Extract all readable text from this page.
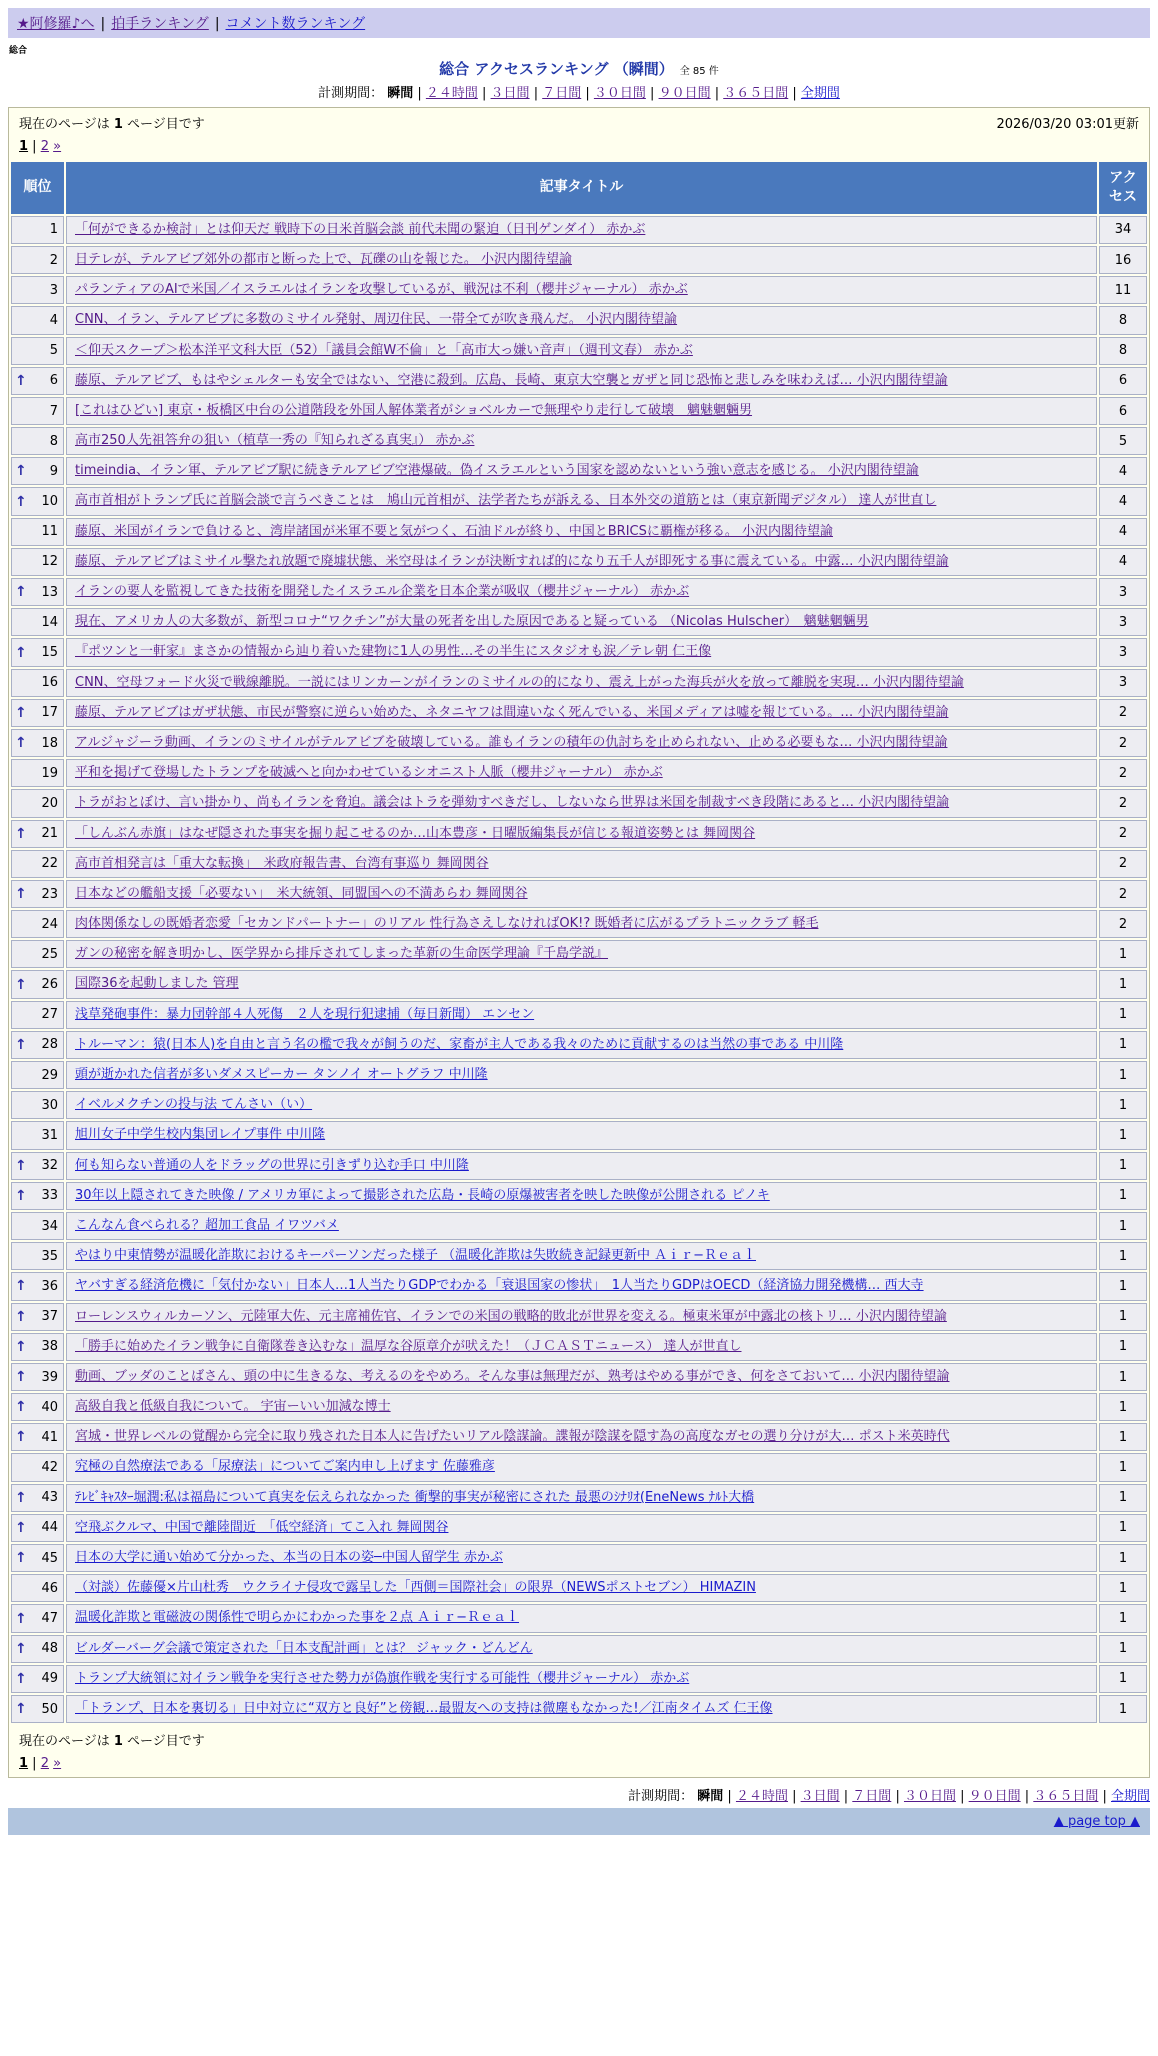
★阿修羅♪へ | 拍手ランキング | コメント数ランキング
総合
総合 アクセスランキング （瞬間） 全 85 件
計測期間： 瞬間 | ２４時間 | ３日間 | ７日間 | ３０日間 | ９０日間 | ３６５日間 | 全期間
現在のページは 1 ページ目です	2026/03/20 03:01更新
1 | 2 »
順位	記事タイトル	アクセス

1	「何ができるか検討」とは仰天だ 戦時下の日米首脳会談 前代未聞の緊迫（日刊ゲンダイ） 赤かぶ	34

2	日テレが、テルアビブ郊外の都市と断った上で、瓦礫の山を報じた。 小沢内閣待望論	16

3	パランティアのAIで米国／イスラエルはイランを攻撃しているが、戦況は不利（櫻井ジャーナル） 赤かぶ	11

4	CNN、イラン、テルアビブに多数のミサイル発射、周辺住民、一帯全てが吹き飛んだ。 小沢内閣待望論	8

5	＜仰天スクープ＞松本洋平文科大臣（52）「議員会館W不倫」と「高市大っ嫌い音声」（週刊文春） 赤かぶ	8

↑ 6	藤原、テルアビブ、もはやシェルターも安全ではない、空港に殺到。広島、長崎、東京大空襲とガザと同じ恐怖と悲しみを味わえば… 小沢内閣待望論	6

7	[これはひどい] 東京・板橋区中台の公道階段を外国人解体業者がショベルカーで無理やり走行して破壊　魑魅魍魎男	6

8	高市250人先祖答弁の狙い（植草一秀の『知られざる真実』） 赤かぶ	5

↑ 9	timeindia、イラン軍、テルアビブ駅に続きテルアビブ空港爆破。偽イスラエルという国家を認めないという強い意志を感じる。 小沢内閣待望論	4

↑ 10	高市首相がトランプ氏に首脳会談で言うべきことは　鳩山元首相が、法学者たちが訴える、日本外交の道筋とは（東京新聞デジタル） 達人が世直し	4

11	藤原、米国がイランで負けると、湾岸諸国が米軍不要と気がつく、石油ドルが終り、中国とBRICSに覇権が移る。 小沢内閣待望論	4

12	藤原、テルアビブはミサイル撃たれ放題で廃墟状態、米空母はイランが決断すれば的になり五千人が即死する事に震えている。中露… 小沢内閣待望論	4

↑ 13	イランの要人を監視してきた技術を開発したイスラエル企業を日本企業が吸収（櫻井ジャーナル） 赤かぶ	3

14	現在、アメリカ人の大多数が、新型コロナ“ワクチン”が大量の死者を出した原因であると疑っている （Nicolas Hulscher）　魑魅魍魎男	3

↑ 15	『ポツンと一軒家』まさかの情報から辿り着いた建物に1人の男性…その半生にスタジオも涙／テレ朝 仁王像	3

16	CNN、空母フォード火災で戦線離脱。一説にはリンカーンがイランのミサイルの的になり、震え上がった海兵が火を放って離脱を実現… 小沢内閣待望論	3

↑ 17	藤原、テルアビブはガザ状態、市民が警察に逆らい始めた、ネタニヤフは間違いなく死んでいる、米国メディアは嘘を報じている。… 小沢内閣待望論	2

↑ 18	アルジャジーラ動画、イランのミサイルがテルアビブを破壊している。誰もイランの積年の仇討ちを止められない、止める必要もな… 小沢内閣待望論	2

19	平和を掲げて登場したトランプを破滅へと向かわせているシオニスト人脈（櫻井ジャーナル） 赤かぶ	2

20	トラがおとぼけ、言い掛かり、尚もイランを脅迫。議会はトラを弾劾すべきだし、しないなら世界は米国を制裁すべき段階にあると… 小沢内閣待望論	2

↑ 21	「しんぶん赤旗」はなぜ隠された事実を掘り起こせるのか…山本豊彦・日曜版編集長が信じる報道姿勢とは 舞岡関谷	2

22	高市首相発言は「重大な転換」　米政府報告書、台湾有事巡り 舞岡関谷	2

↑ 23	日本などの艦船支援「必要ない」　米大統領、同盟国への不満あらわ 舞岡関谷	2

24	肉体関係なしの既婚者恋愛「セカンドパートナー」のリアル 性行為さえしなければOK!? 既婚者に広がるプラトニックラブ 軽毛	2

25	ガンの秘密を解き明かし、医学界から排斥されてしまった革新の生命医学理論『千島学説』	1

↑ 26	国際36を起動しました 管理	1

27	浅草発砲事件：暴力団幹部４人死傷　２人を現行犯逮捕（毎日新聞） エンセン	1

↑ 28	トルーマン：猿(日本人)を自由と言う名の檻で我々が飼うのだ、家畜が主人である我々のために貢献するのは当然の事である 中川隆	1

29	頭が逝かれた信者が多いダメスピーカー タンノイ オートグラフ 中川隆	1

30	イベルメクチンの投与法 てんさい（い）	1

31	旭川女子中学生校内集団レイプ事件 中川隆	1

↑ 32	何も知らない普通の人をドラッグの世界に引きずり込む手口 中川隆	1

↑ 33	30年以上隠されてきた映像 / アメリカ軍によって撮影された広島・長崎の原爆被害者を映した映像が公開される ピノキ	1

34	こんなん食べられる？超加工食品 イワツバメ	1

35	やはり中東情勢が温暖化詐欺におけるキーパーソンだった様子 （温暖化詐欺は失敗続き記録更新中 Ａｉｒ−Ｒｅａｌ	1

↑ 36	ヤバすぎる経済危機に「気付かない」日本人…1人当たりGDPでわかる「衰退国家の惨状」　1人当たりGDPはOECD（経済協力開発機構… 西大寺	1

↑ 37	ローレンスウィルカーソン、元陸軍大佐、元主席補佐官、イランでの米国の戦略的敗北が世界を変える。極東米軍が中露北の核トリ… 小沢内閣待望論	1

↑ 38	「勝手に始めたイラン戦争に自衛隊巻き込むな」温厚な谷原章介が吠えた！（ＪＣＡＳＴニュース） 達人が世直し	1

↑ 39	動画、ブッダのことばさん、頭の中に生きるな、考えるのをやめろ。そんな事は無理だが、熟考はやめる事ができ、何をさておいて… 小沢内閣待望論	1

↑ 40	高級自我と低級自我について。 宇宙ーいい加減な博士	1

↑ 41	宮城・世界レベルの覚醒から完全に取り残された日本人に告げたいリアル陰謀論。諜報が陰謀を隠す為の高度なガセの選り分けが大… ポスト米英時代	1

42	究極の自然療法である「尿療法」についてご案内申し上げます 佐藤雅彦	1

↑ 43	ﾃﾚﾋﾞｷｬｽﾀｰ堀潤:私は福島について真実を伝えられなかった 衝撃的事実が秘密にされた 最悪のｼﾅﾘｵ(EneNews ﾅﾙﾄ大橋	1

↑ 44	空飛ぶクルマ、中国で離陸間近　「低空経済」てこ入れ 舞岡関谷	1

↑ 45	日本の大学に通い始めて分かった、本当の日本の姿─中国人留学生 赤かぶ	1

46	（対談）佐藤優×片山杜秀　ウクライナ侵攻で露呈した「西側＝国際社会」の限界（NEWSポストセブン） HIMAZIN	1

↑ 47	温暖化詐欺と電磁波の関係性で明らかにわかった事を２点 Ａｉｒ−Ｒｅａｌ	1

↑ 48	ビルダーバーグ会議で策定された「日本支配計画」とは？ ジャック・どんどん	1

↑ 49	トランプ大統領に対イラン戦争を実行させた勢力が偽旗作戦を実行する可能性（櫻井ジャーナル） 赤かぶ	1

↑ 50	「トランプ、日本を裏切る」日中対立に“双方と良好”と傍観…最盟友への支持は微塵もなかった!／江南タイムズ 仁王像	1
現在のページは 1 ページ目です
1 | 2 »
計測期間： 瞬間 | ２４時間 | ３日間 | ７日間 | ３０日間 | ９０日間 | ３６５日間 | 全期間
▲ page top ▲
